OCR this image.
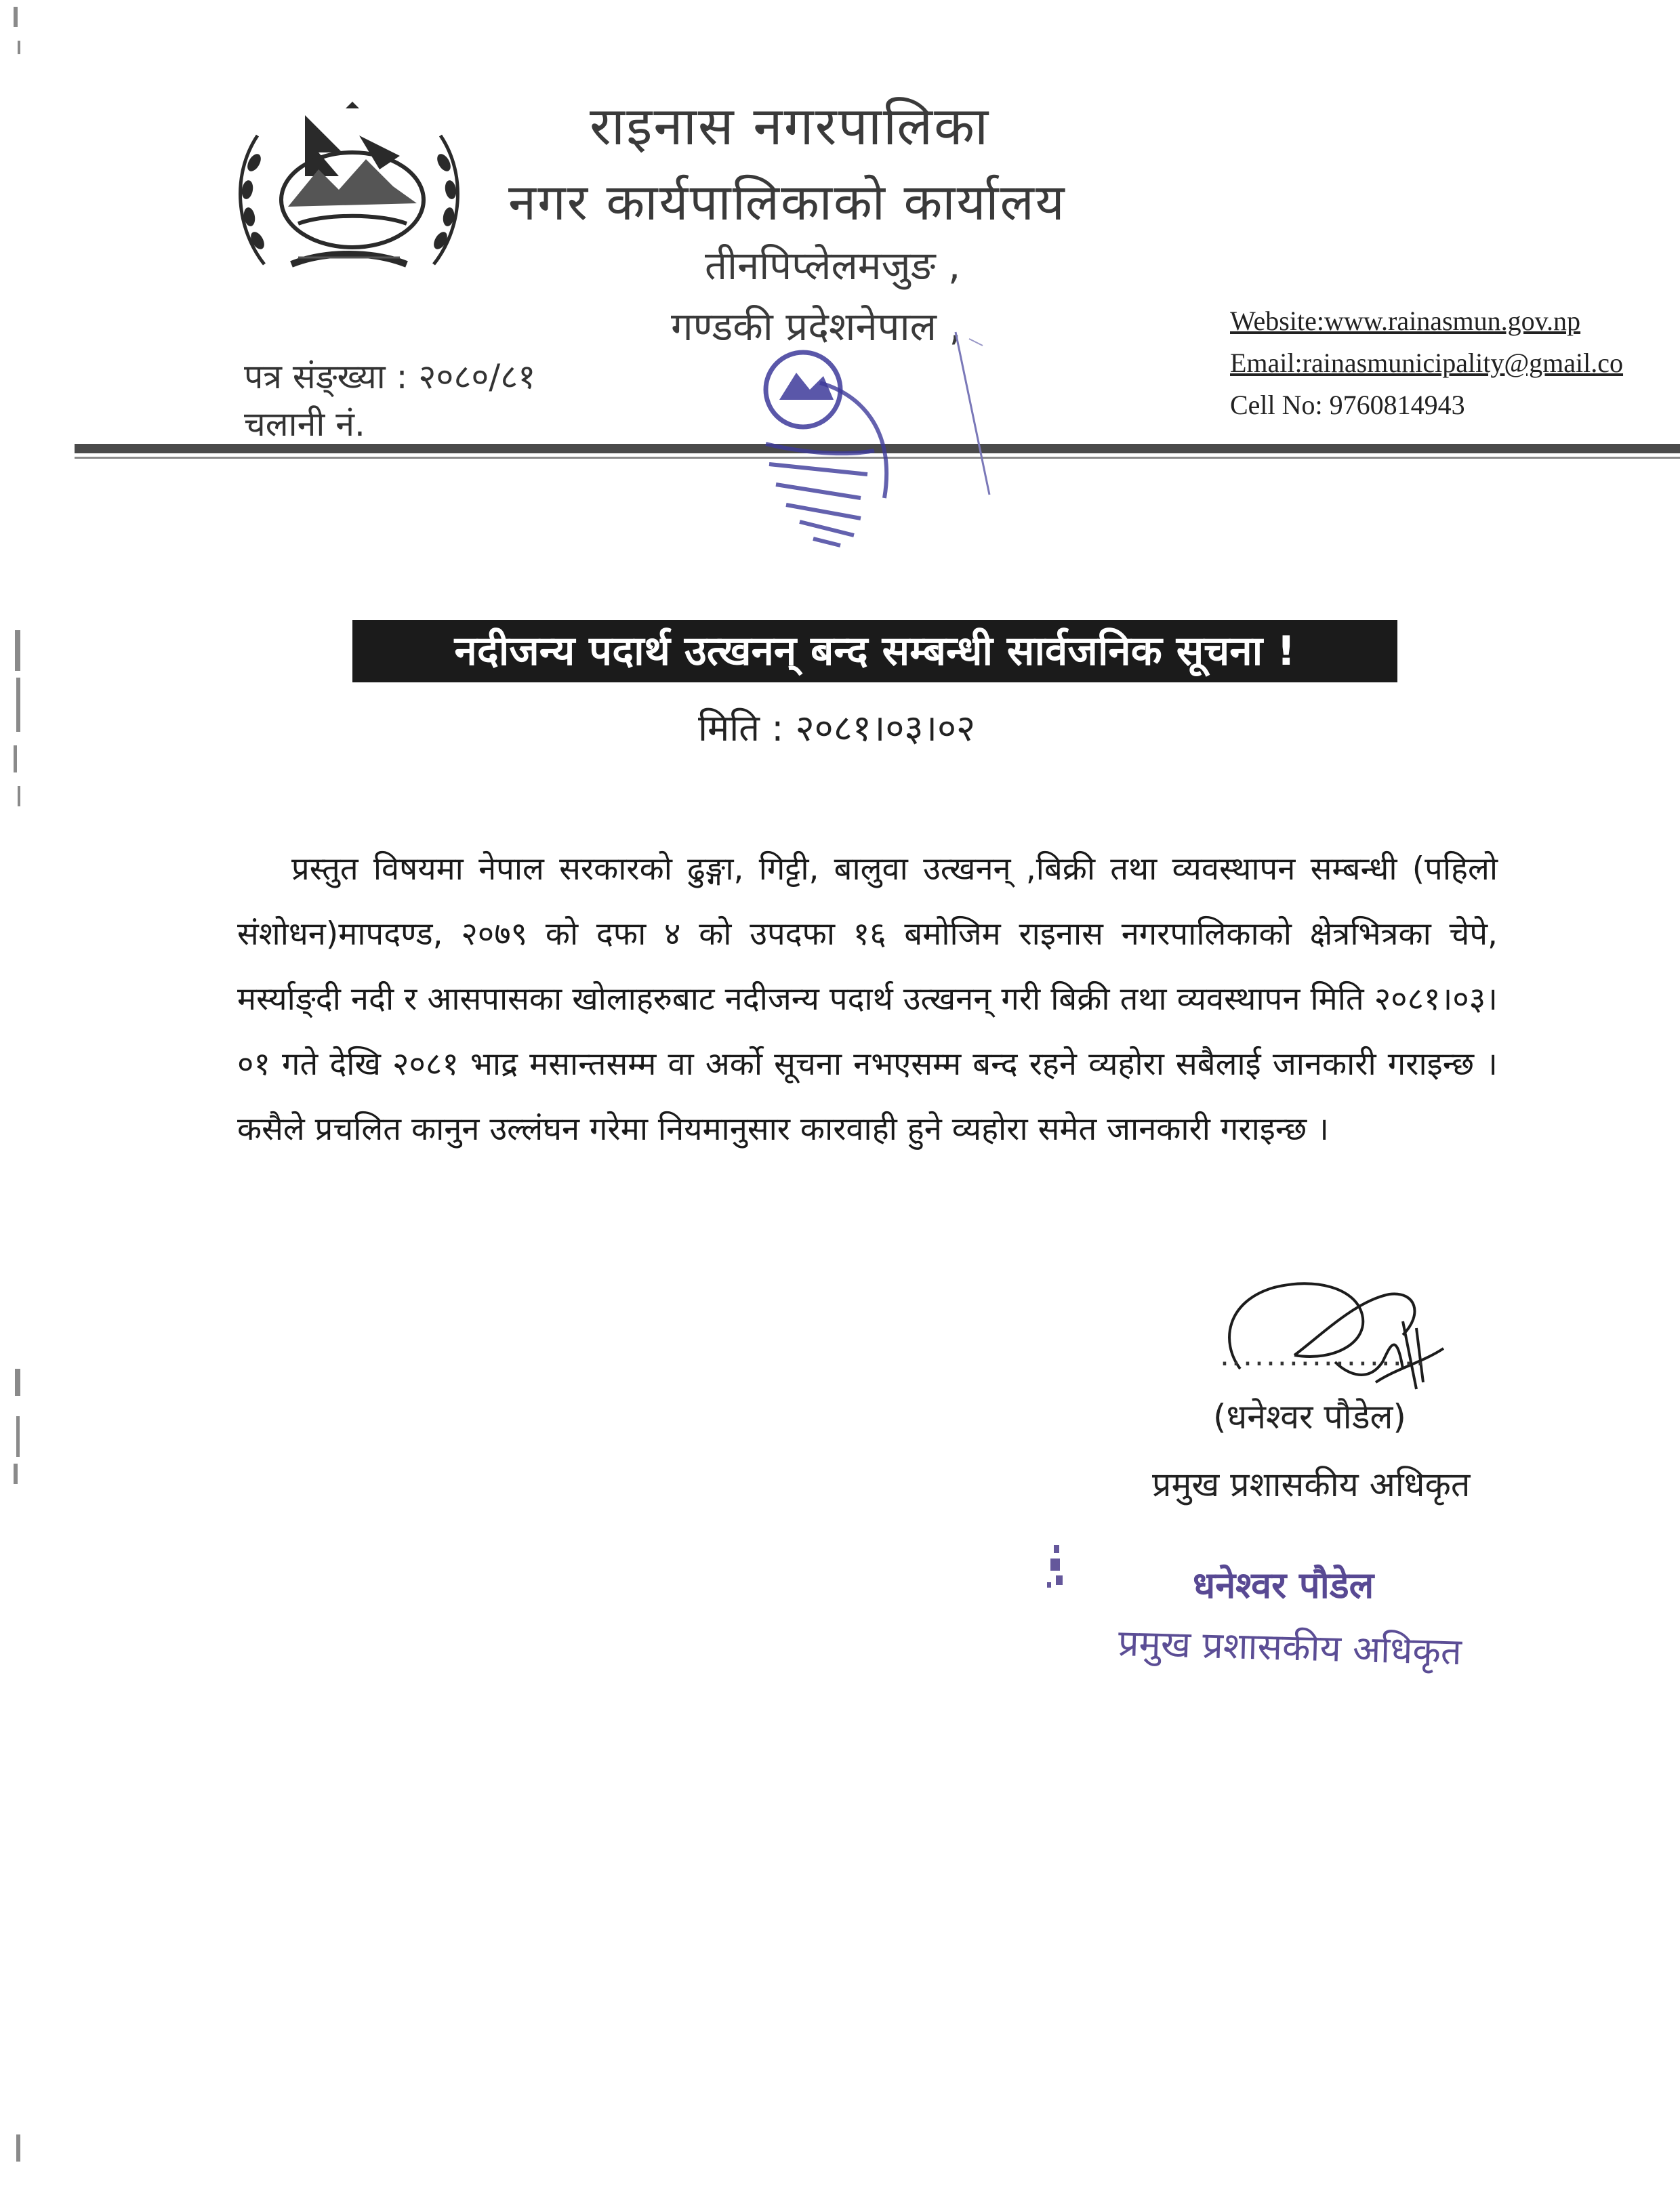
राइनास नगरपालिका
नगर कार्यपालिकाको कार्यालय
तीनपिप्लेलमजुङ ,
गण्डकी प्रदेशनेपाल ,	Website:www.rainasmun.gov.np
Email:rainasmunicipality@gmail.co
Cell No: 9760814943
पत्र संङ्ख्या : २०८०/८१
चलानी नं.
नदीजन्य पदार्थ उत्खनन् बन्द सम्बन्धी सार्वजनिक सूचना !
मिति : २०८१।०३।०२
प्रस्तुत विषयमा नेपाल सरकारको ढुङ्गा, गिट्टी, बालुवा उत्खनन् ,बिक्री तथा व्यवस्थापन सम्बन्धी (पहिलो संशोधन)मापदण्ड, २०७९ को दफा ४ को उपदफा १६ बमोजिम राइनास नगरपालिकाको क्षेत्रभित्रका चेपे, मर्स्याङ्दी नदी र आसपासका खोलाहरुबाट नदीजन्य पदार्थ उत्खनन् गरी बिक्री तथा व्यवस्थापन मिति २०८१।०३।०१ गते देखि २०८१ भाद्र मसान्तसम्म वा अर्को सूचना नभएसम्म बन्द रहने व्यहोरा सबैलाई जानकारी गराइन्छ । कसैले प्रचलित कानुन उल्लंघन गरेमा नियमानुसार कारवाही हुने व्यहोरा समेत जानकारी गराइन्छ ।
..................
(धनेश्वर पौडेल)
प्रमुख प्रशासकीय अधिकृत
धनेश्वर पौडेल
प्रमुख प्रशासकीय अधिकृत
